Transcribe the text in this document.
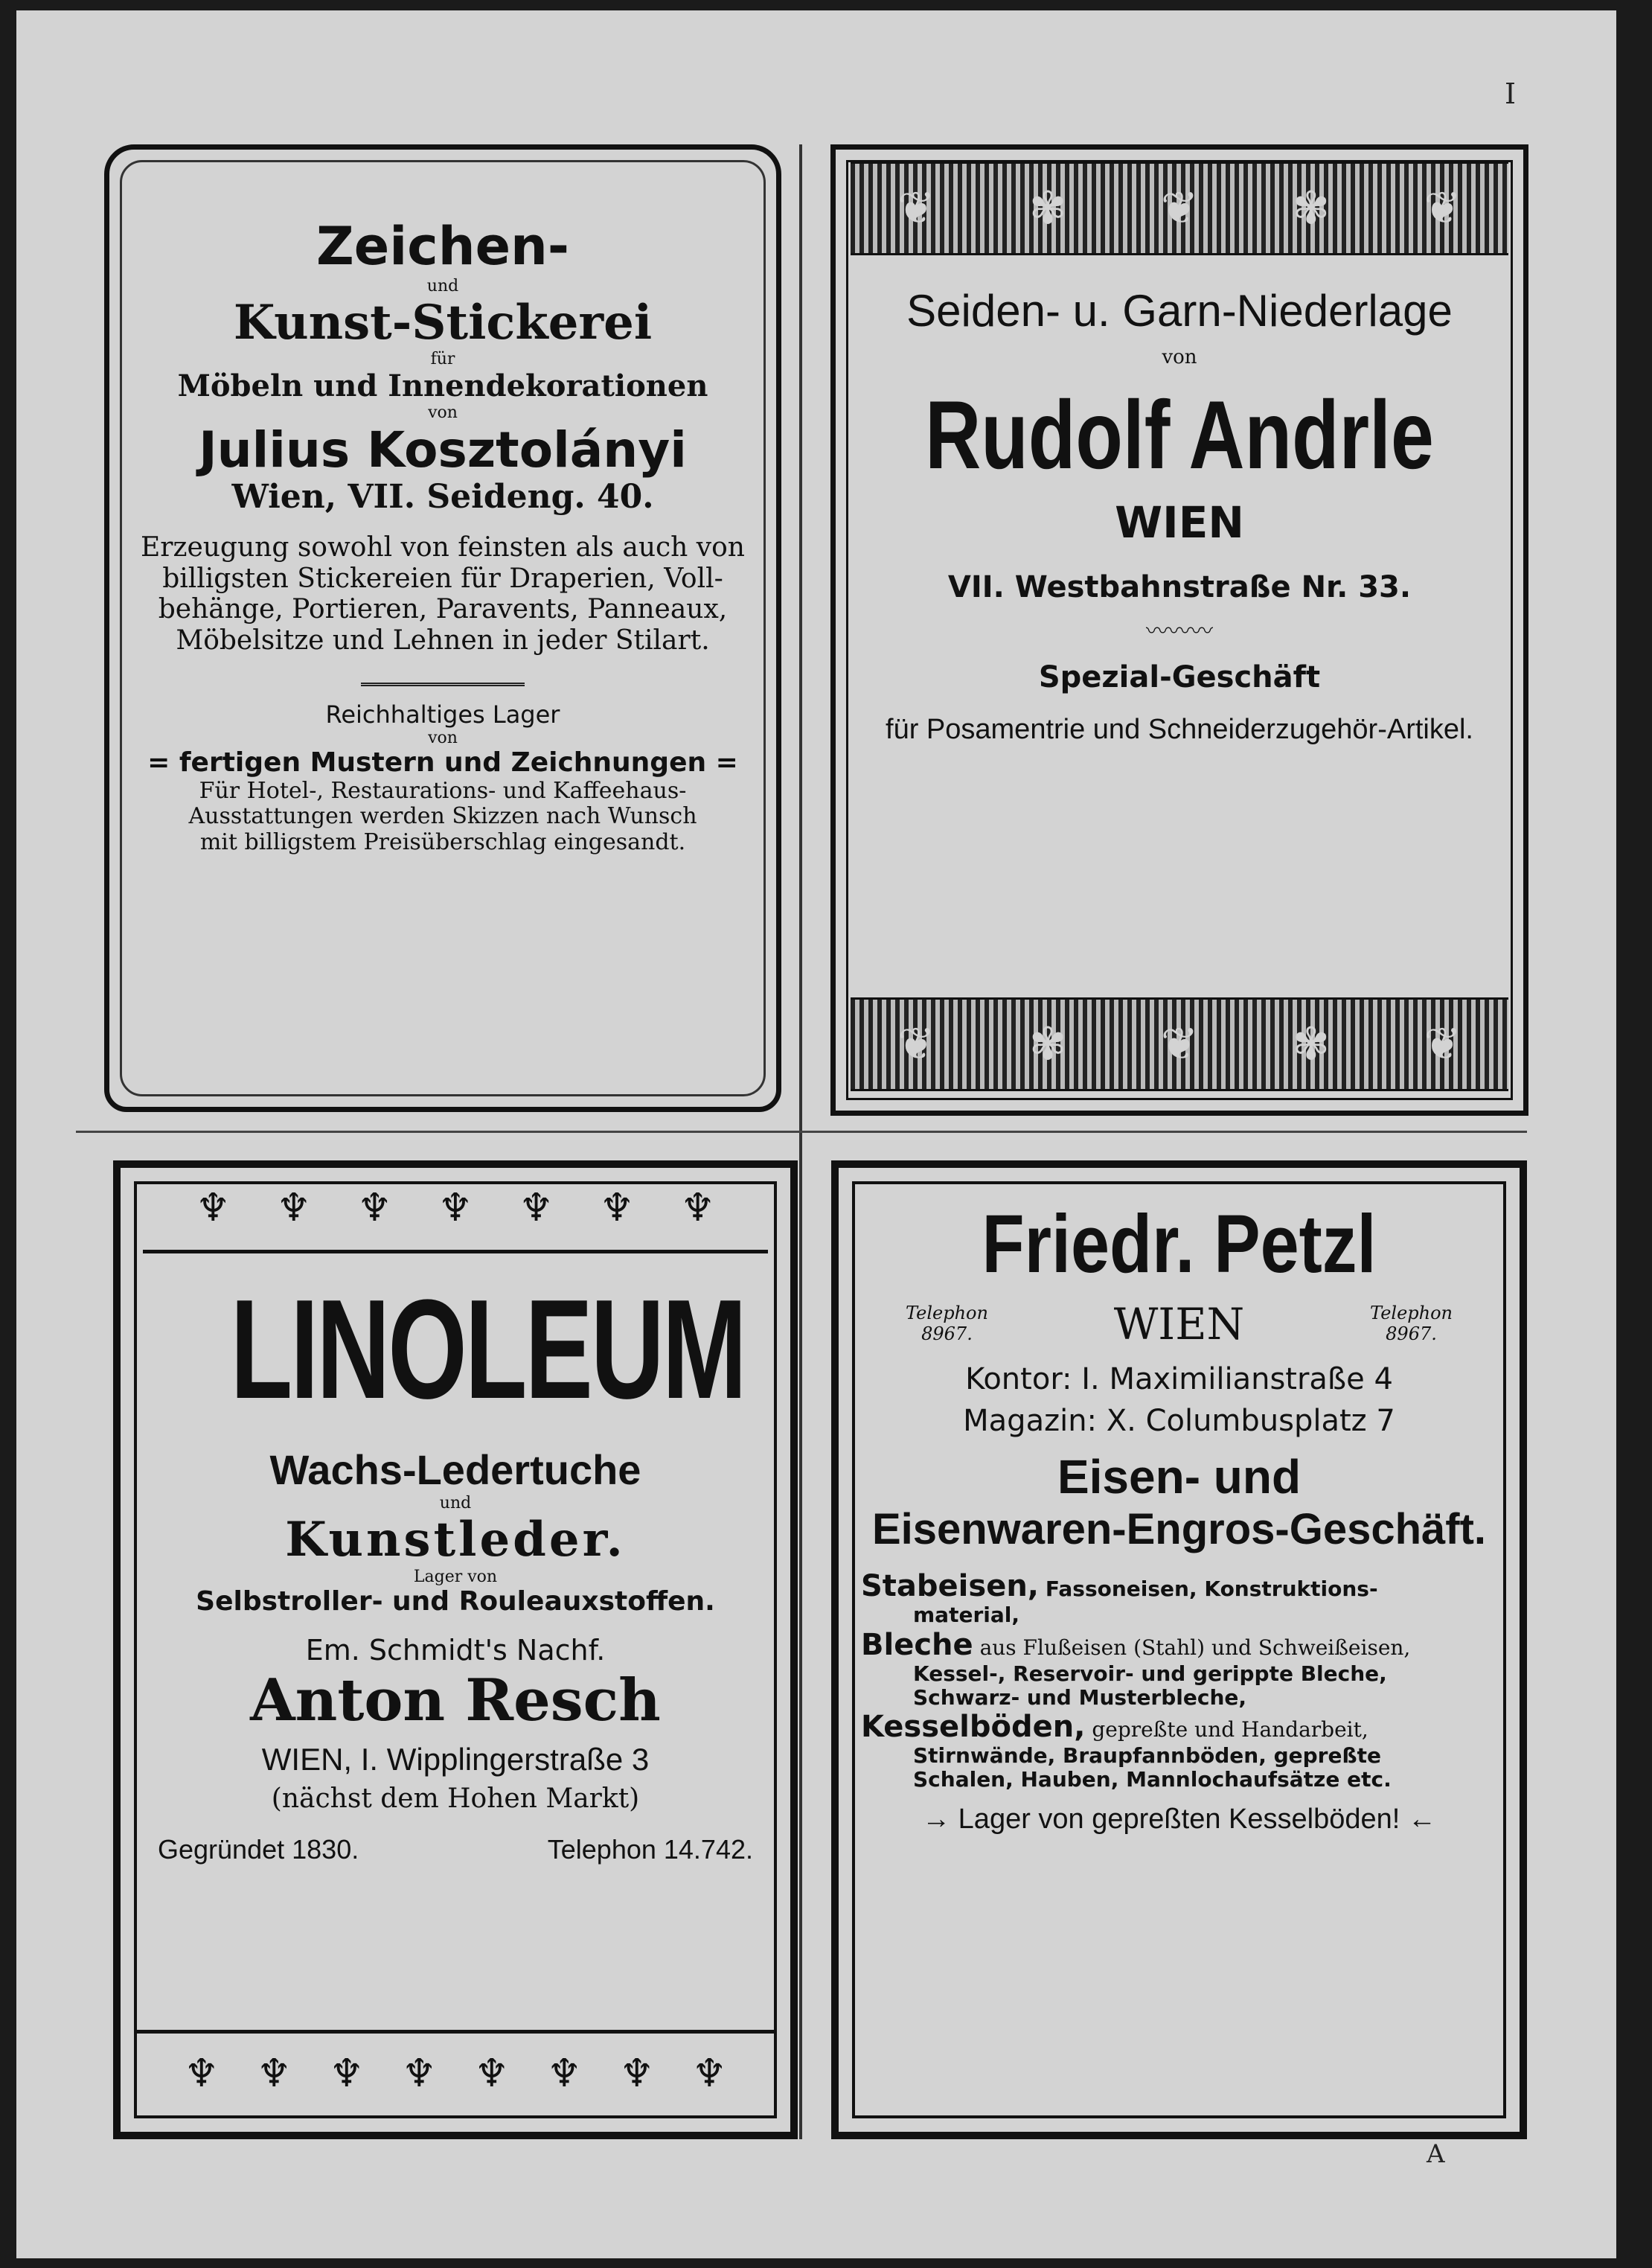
I
Zeichen-
und
Kunst-Stickerei
für
Möbeln und Innendekorationen
von
Julius Kosztolányi
Wien, VII. Seideng. 40.
Erzeugung sowohl von feinsten als auch von
billigsten Stickereien für Draperien, Voll-
behänge, Portieren, Paravents, Panneaux,
Möbelsitze und Lehnen in jeder Stilart.
Reichhaltiges Lager
von
= fertigen Mustern und Zeichnungen =
Für Hotel-, Restaurations- und Kaffeehaus-
Ausstattungen werden Skizzen nach Wunsch
mit billigstem Preisüberschlag eingesandt.
❦ ✾ ❦ ✾ ❦
Seiden- u. Garn-Niederlage
von
Rudolf Andrle
WIEN
VII. Westbahnstraße Nr. 33.
〰〰〰
Spezial-Geschäft
für Posamentrie und Schneiderzugehör-Artikel.
❦ ✾ ❦ ✾ ❦
♆ ♆ ♆ ♆ ♆ ♆ ♆
LINOLEUM
Wachs-Ledertuche
und
Kunstleder.
Lager von
Selbstroller- und Rouleauxstoffen.
Em. Schmidt's Nachf.
Anton Resch
WIEN, I. Wipplingerstraße 3
(nächst dem Hohen Markt)
Gegründet 1830.	Telephon 14.742.
♆ ♆ ♆ ♆ ♆ ♆ ♆ ♆
Friedr. Petzl
Telephon
8967.	WIEN	Telephon
8967.
Kontor: I. Maximilianstraße 4
Magazin: X. Columbusplatz 7
Eisen- und
Eisenwaren-Engros-Geschäft.
Stabeisen, Fassoneisen, Konstruktions-
material,
Bleche aus Flußeisen (Stahl) und Schweißeisen,
Kessel-, Reservoir- und gerippte Bleche,
Schwarz- und Musterbleche,
Kesselböden, gepreßte und Handarbeit,
Stirnwände, Braupfannböden, gepreßte
Schalen, Hauben, Mannlochaufsätze etc.
→ Lager von gepreßten Kesselböden! ←
A
